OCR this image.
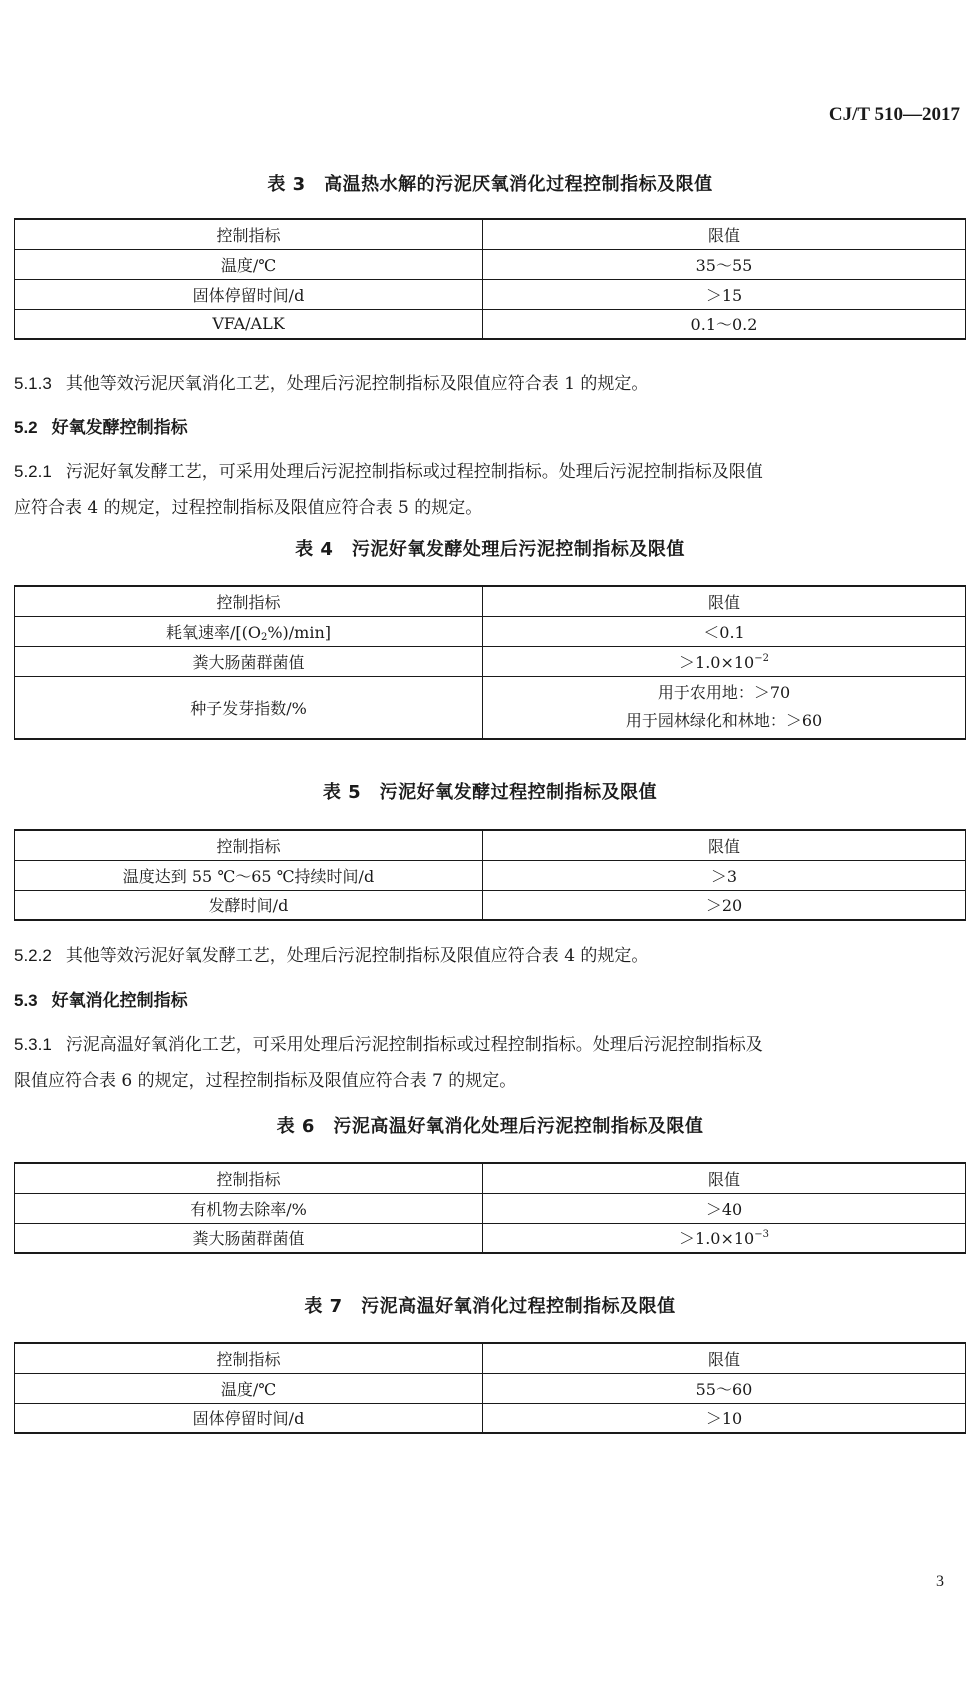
CJ/T 510—2017
表 3　高温热水解的污泥厌氧消化过程控制指标及限值
控制指标	限值
温度/℃	35～55
固体停留时间/d	＞15
VFA/ALK	0.1～0.2
5.1.3 其他等效污泥厌氧消化工艺，处理后污泥控制指标及限值应符合表 1 的规定。
5.2 好氧发酵控制指标
5.2.1 污泥好氧发酵工艺，可采用处理后污泥控制指标或过程控制指标。处理后污泥控制指标及限值
应符合表 4 的规定，过程控制指标及限值应符合表 5 的规定。
表 4　污泥好氧发酵处理后污泥控制指标及限值
控制指标	限值
耗氧速率$/[(O_2\%)/\min]$	＜0.1
粪大肠菌群菌值	$>1.0\times 10^{-2}$
种子发芽指数/%	用于农用地：＞70
用于园林绿化和林地：＞60
表 5　污泥好氧发酵过程控制指标及限值
控制指标	限值
温度达到 55 ℃～65 ℃持续时间/d	＞3
发酵时间/d	＞20
5.2.2 其他等效污泥好氧发酵工艺，处理后污泥控制指标及限值应符合表 4 的规定。
5.3 好氧消化控制指标
5.3.1 污泥高温好氧消化工艺，可采用处理后污泥控制指标或过程控制指标。处理后污泥控制指标及
限值应符合表 6 的规定，过程控制指标及限值应符合表 7 的规定。
表 6　污泥高温好氧消化处理后污泥控制指标及限值
控制指标	限值
有机物去除率/%	＞40
粪大肠菌群菌值	$>1.0\times 10^{-3}$
表 7　污泥高温好氧消化过程控制指标及限值
控制指标	限值
温度/℃	55～60
固体停留时间/d	＞10
3
